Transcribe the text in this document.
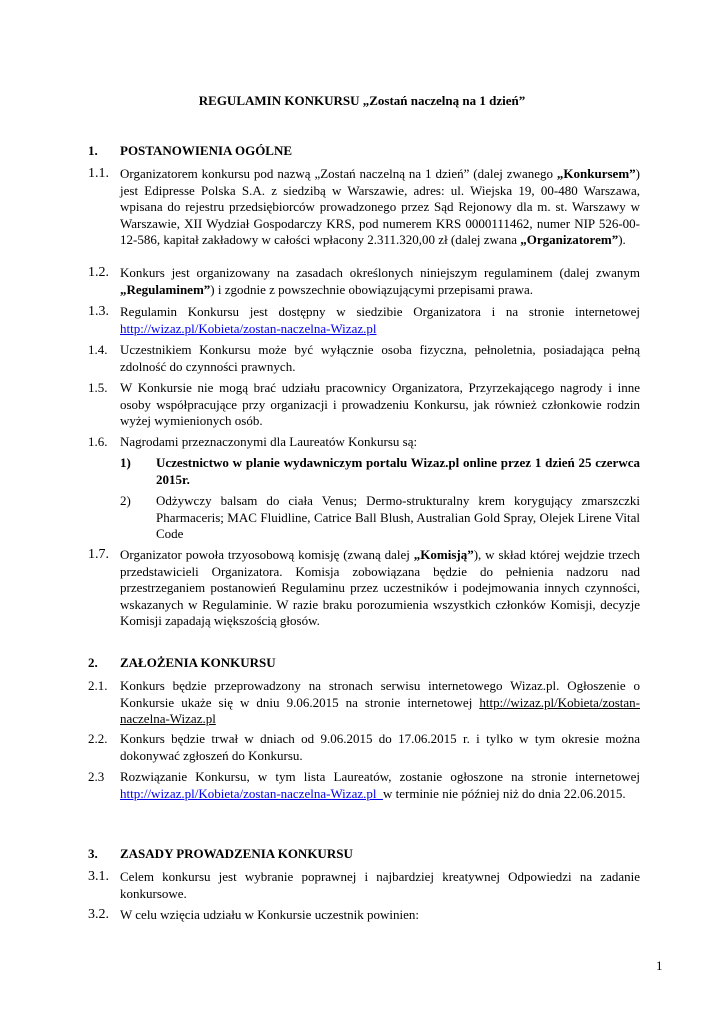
REGULAMIN KONKURSU „Zostań naczelną na 1 dzień”
1. POSTANOWIENIA OGÓLNE
1.1. Organizatorem konkursu pod nazwą „Zostań naczelną na 1 dzień” (dalej zwanego „Konkursem”) jest Edipresse Polska S.A. z siedzibą w Warszawie, adres: ul. Wiejska 19, 00-480 Warszawa, wpisana do rejestru przedsiębiorców prowadzonego przez Sąd Rejonowy dla m. st. Warszawy w Warszawie, XII Wydział Gospodarczy KRS, pod numerem KRS 0000111462, numer NIP 526-00-12-586, kapitał zakładowy w całości wpłacony 2.311.320,00 zł (dalej zwana „Organizatorem”).
1.2. Konkurs jest organizowany na zasadach określonych niniejszym regulaminem (dalej zwanym „Regulaminem”) i zgodnie z powszechnie obowiązującymi przepisami prawa.
1.3. Regulamin Konkursu jest dostępny w siedzibie Organizatora i na stronie internetowej http://wizaz.pl/Kobieta/zostan-naczelna-Wizaz.pl
1.4. Uczestnikiem Konkursu może być wyłącznie osoba fizyczna, pełnoletnia, posiadająca pełną zdolność do czynności prawnych.
1.5. W Konkursie nie mogą brać udziału pracownicy Organizatora, Przyrzekającego nagrody i inne osoby współpracujące przy organizacji i prowadzeniu Konkursu, jak również członkowie rodzin wyżej wymienionych osób.
1.6. Nagrodami przeznaczonymi dla Laureatów Konkursu są:
1) Uczestnictwo w planie wydawniczym portalu Wizaz.pl online przez 1 dzień 25 czerwca 2015r.
2) Odżywczy balsam do ciała Venus; Dermo-strukturalny krem korygujący zmarszczki Pharmaceris; MAC Fluidline, Catrice Ball Blush, Australian Gold Spray, Olejek Lirene Vital Code
1.7. Organizator powoła trzyosobową komisję (zwaną dalej „Komisją”), w skład której wejdzie trzech przedstawicieli Organizatora. Komisja zobowiązana będzie do pełnienia nadzoru nad przestrzeganiem postanowień Regulaminu przez uczestników i podejmowania innych czynności, wskazanych w Regulaminie. W razie braku porozumienia wszystkich członków Komisji, decyzje Komisji zapadają większością głosów.
2. ZAŁOŻENIA KONKURSU
2.1. Konkurs będzie przeprowadzony na stronach serwisu internetowego Wizaz.pl. Ogłoszenie o Konkursie ukaże się w dniu 9.06.2015 na stronie internetowej http://wizaz.pl/Kobieta/zostan-naczelna-Wizaz.pl
2.2. Konkurs będzie trwał w dniach od 9.06.2015 do 17.06.2015 r. i tylko w tym okresie można dokonywać zgłoszeń do Konkursu.
2.3 Rozwiązanie Konkursu, w tym lista Laureatów, zostanie ogłoszone na stronie internetowej http://wizaz.pl/Kobieta/zostan-naczelna-Wizaz.pl  w terminie nie później niż do dnia 22.06.2015.
3. ZASADY PROWADZENIA KONKURSU
3.1. Celem konkursu jest wybranie poprawnej i najbardziej kreatywnej Odpowiedzi na zadanie konkursowe.
3.2. W celu wzięcia udziału w Konkursie uczestnik powinien:
1
